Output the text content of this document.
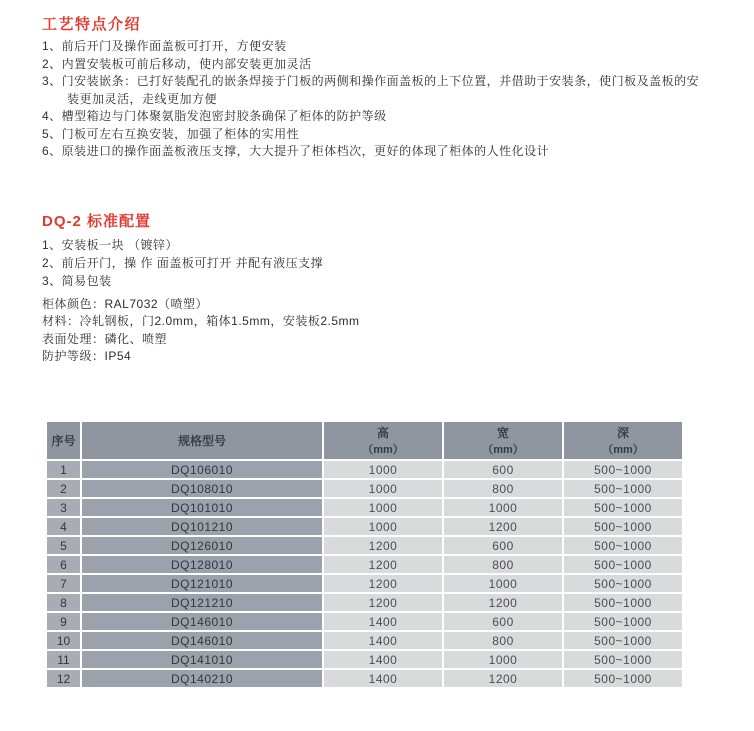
工艺特点介绍

1、前后开门及操作面盖板可打开，方便安装

2、内置安装板可前后移动，使内部安装更加灵活

3、门安装嵌条：已打好装配孔的嵌条焊接于门板的两侧和操作面盖板的上下位置，并借助于安装条，使门板及盖板的安装更加灵活，走线更加方便

4、槽型箱边与门体聚氨脂发泡密封胶条确保了柜体的防护等级

5、门板可左右互换安装，加强了柜体的实用性

6、原装进口的操作面盖板液压支撑，大大提升了柜体档次，更好的体现了柜体的人性化设计

DQ-2 标准配置

1、安装板一块 （镀锌）

2、前后开门，操 作 面盖板可打开 并配有液压支撑

3、简易包装

柜体颜色：RAL7032（喷塑）

材料：冷轧钢板，门2.0mm，箱体1.5mm，安装板2.5mm

表面处理：磷化、喷塑

防护等级：IP54

序号	规格型号	高
（mm）	宽
（mm）	深
（mm）

1	DQ106010	1000	600	500~1000
2	DQ108010	1000	800	500~1000
3	DQ101010	1000	1000	500~1000
4	DQ101210	1000	1200	500~1000
5	DQ126010	1200	600	500~1000
6	DQ128010	1200	800	500~1000
7	DQ121010	1200	1000	500~1000
8	DQ121210	1200	1200	500~1000
9	DQ146010	1400	600	500~1000
10	DQ146010	1400	800	500~1000
11	DQ141010	1400	1000	500~1000
12	DQ140210	1400	1200	500~1000
